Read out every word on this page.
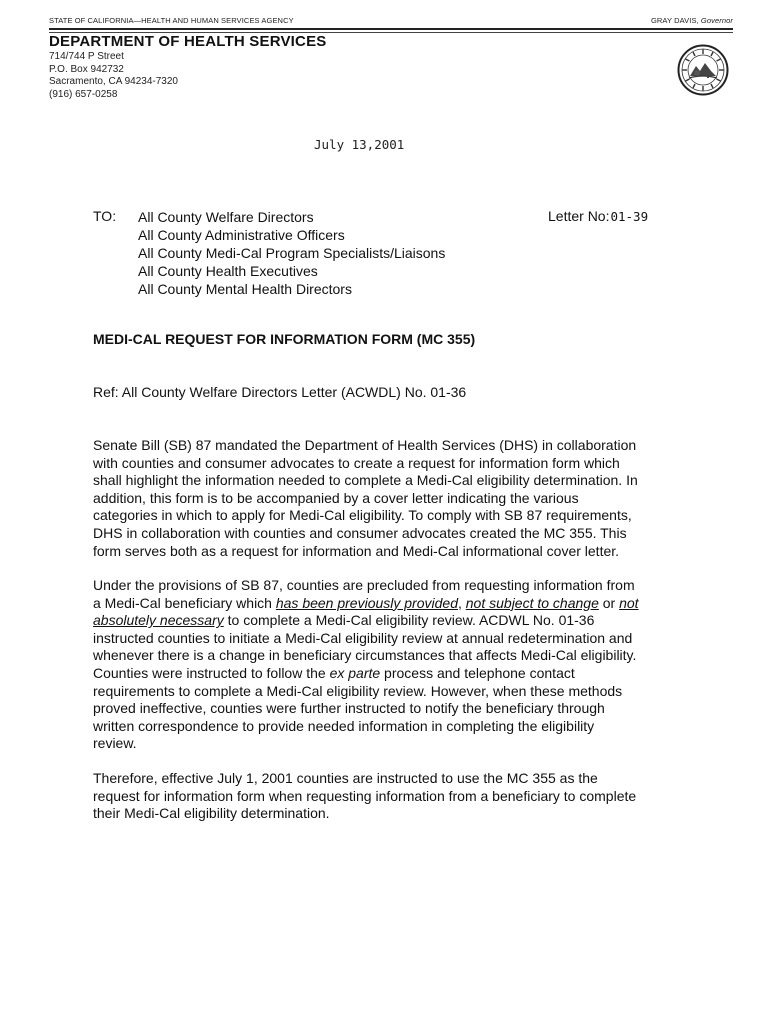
STATE OF CALIFORNIA—HEALTH AND HUMAN SERVICES AGENCY	GRAY DAVIS, Governor
DEPARTMENT OF HEALTH SERVICES
714/744 P Street
P.O. Box 942732
Sacramento, CA 94234-7320
(916) 657-0258
July 13,2001
TO: All County Welfare Directors
All County Administrative Officers
All County Medi-Cal Program Specialists/Liaisons
All County Health Executives
All County Mental Health Directors
Letter No:01-39
MEDI-CAL REQUEST FOR INFORMATION FORM (MC 355)
Ref: All County Welfare Directors Letter (ACWDL) No. 01-36

Senate Bill (SB) 87 mandated the Department of Health Services (DHS) in collaboration
with counties and consumer advocates to create a request for information form which
shall highlight the information needed to complete a Medi-Cal eligibility determination. In
addition, this form is to be accompanied by a cover letter indicating the various
categories in which to apply for Medi-Cal eligibility. To comply with SB 87 requirements,
DHS in collaboration with counties and consumer advocates created the MC 355. This
form serves both as a request for information and Medi-Cal informational cover letter.

Under the provisions of SB 87, counties are precluded from requesting information from
a Medi-Cal beneficiary which has been previously provided, not subject to change or not
absolutely necessary to complete a Medi-Cal eligibility review. ACDWL No. 01-36
instructed counties to initiate a Medi-Cal eligibility review at annual redetermination and
whenever there is a change in beneficiary circumstances that affects Medi-Cal eligibility.
Counties were instructed to follow the ex parte process and telephone contact
requirements to complete a Medi-Cal eligibility review. However, when these methods
proved ineffective, counties were further instructed to notify the beneficiary through
written correspondence to provide needed information in completing the eligibility
review.

Therefore, effective July 1, 2001 counties are instructed to use the MC 355 as the
request for information form when requesting information from a beneficiary to complete
their Medi-Cal eligibility determination.
